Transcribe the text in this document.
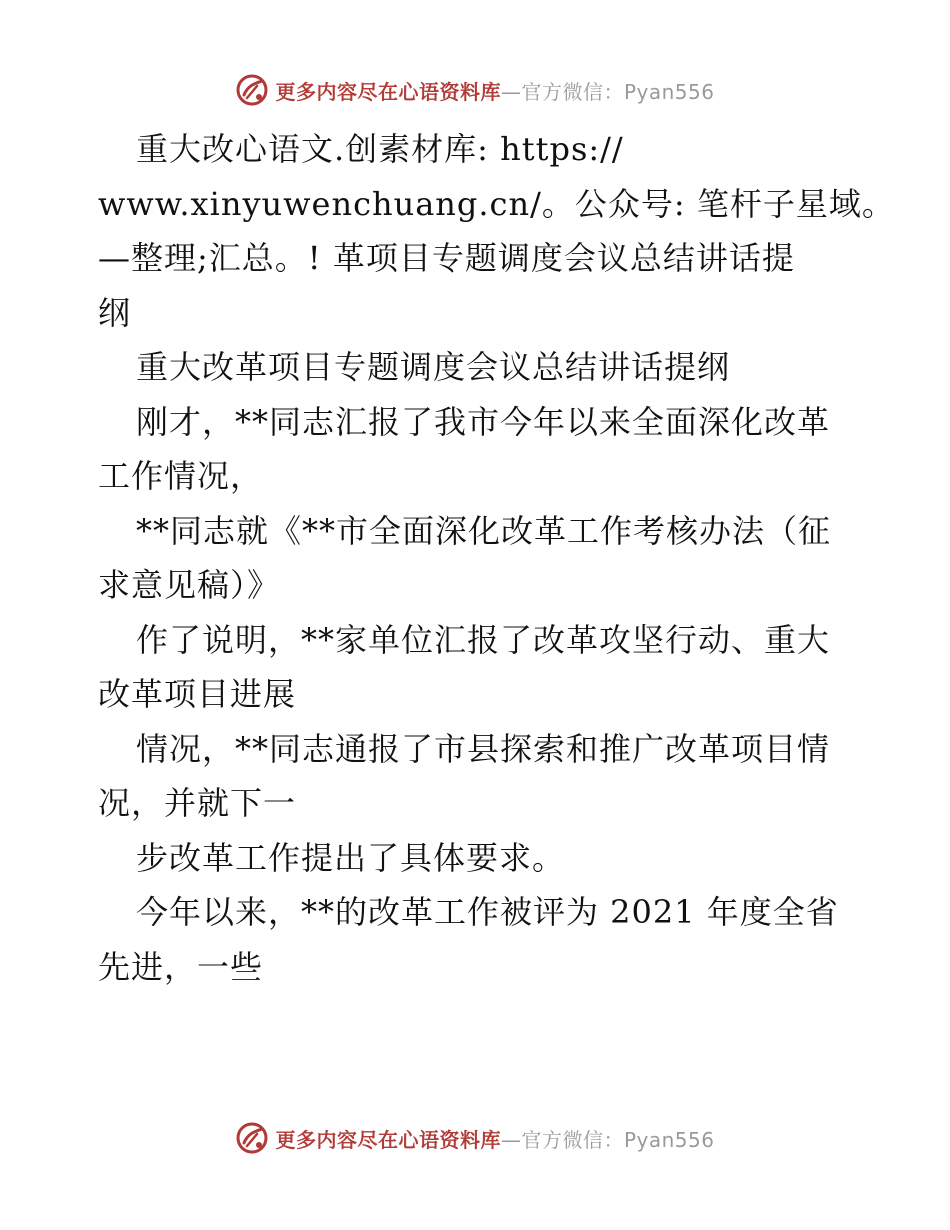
更多内容尽在心语资料库—官方微信：Pyan556
重大改心语文.创素材库: https://
www.xinyuwenchuang.cn/。公众号: 笔杆子星域。
—整理;汇总。! 革项目专题调度会议总结讲话提
纲
重大改革项目专题调度会议总结讲话提纲
刚才，**同志汇报了我市今年以来全面深化改革
工作情况，
**同志就《**市全面深化改革工作考核办法（征
求意见稿）》
作了说明，**家单位汇报了改革攻坚行动、重大
改革项目进展
情况，**同志通报了市县探索和推广改革项目情
况，并就下一
步改革工作提出了具体要求。
今年以来，**的改革工作被评为 2021 年度全省
先进，一些
更多内容尽在心语资料库—官方微信：Pyan556
